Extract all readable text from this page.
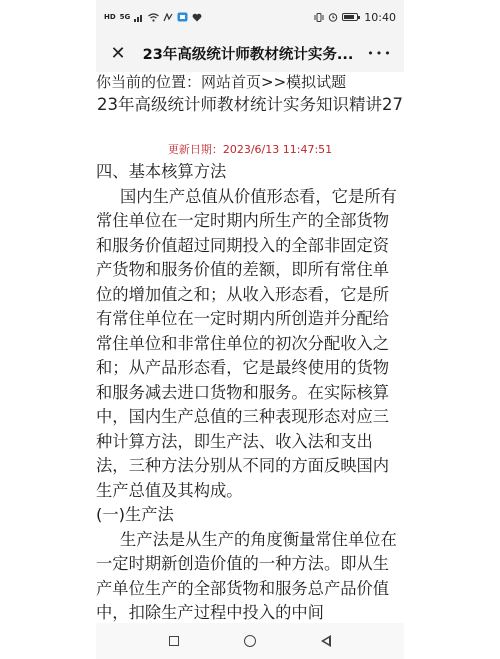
HD 5G	10:40
✕	23年高级统计师教材统计实务...	•••
你当前的位置：网站首页>>模拟试题
23年高级统计师教材统计实务知识精讲27
更新日期：2023/6/13 11:47:51

四、基本核算方法

国内生产总值从价值形态看，它是所有常住单位在一定时期内所生产的全部货物和服务价值超过同期投入的全部非固定资产货物和服务价值的差额，即所有常住单位的增加值之和；从收入形态看，它是所有常住单位在一定时期内所创造并分配给常住单位和非常住单位的初次分配收入之和；从产品形态看，它是最终使用的货物和服务减去进口货物和服务。在实际核算中，国内生产总值的三种表现形态对应三种计算方法，即生产法、收入法和支出法，三种方法分别从不同的方面反映国内生产总值及其构成。

(一)生产法

生产法是从生产的角度衡量常住单位在一定时期新创造价值的一种方法。即从生产单位生产的全部货物和服务总产品价值中，扣除生产过程中投入的中间
